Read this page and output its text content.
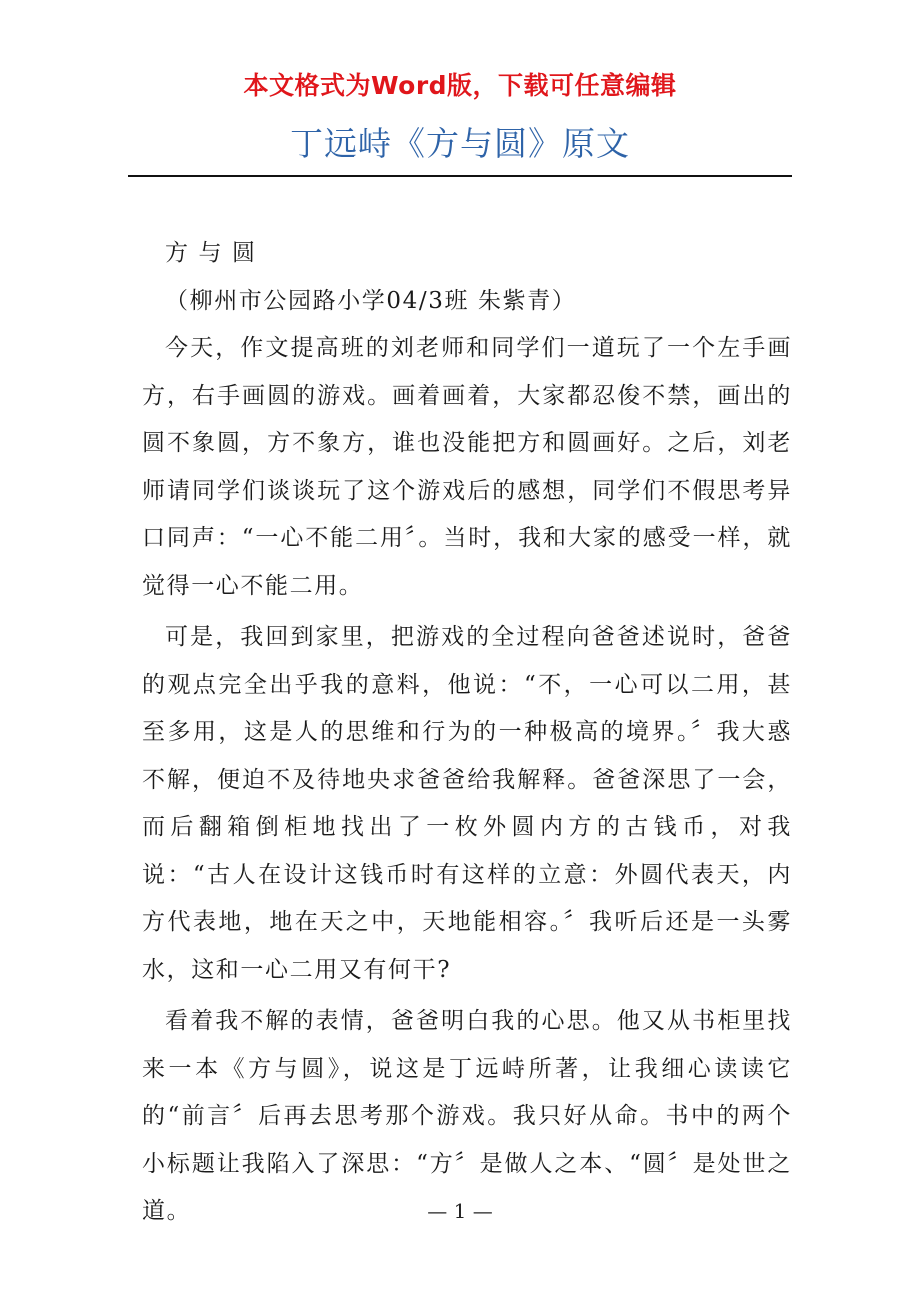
本文格式为Word版，下载可任意编辑
丁远峙《方与圆》原文

方 与 圆

（柳州市公园路小学04/3班 朱紫青）

今天，作文提高班的刘老师和同学们一道玩了一个左手画方，右手画圆的游戏。画着画着，大家都忍俊不禁，画出的圆不象圆，方不象方，谁也没能把方和圆画好。之后，刘老师请同学们谈谈玩了这个游戏后的感想，同学们不假思考异口同声：“一心不能二用〞。当时，我和大家的感受一样，就觉得一心不能二用。

可是，我回到家里，把游戏的全过程向爸爸述说时，爸爸的观点完全出乎我的意料，他说：“不，一心可以二用，甚至多用，这是人的思维和行为的一种极高的境界。〞我大惑不解，便迫不及待地央求爸爸给我解释。爸爸深思了一会，而后翻箱倒柜地找出了一枚外圆内方的古钱币，对我说：“古人在设计这钱币时有这样的立意：外圆代表天，内方代表地，地在天之中，天地能相容。〞我听后还是一头雾水，这和一心二用又有何干?

看着我不解的表情，爸爸明白我的心思。他又从书柜里找来一本《方与圆》，说这是丁远峙所著，让我细心读读它的“前言〞后再去思考那个游戏。我只好从命。书中的两个小标题让我陷入了深思：“方〞是做人之本、“圆〞是处世之道。	— 1 —
